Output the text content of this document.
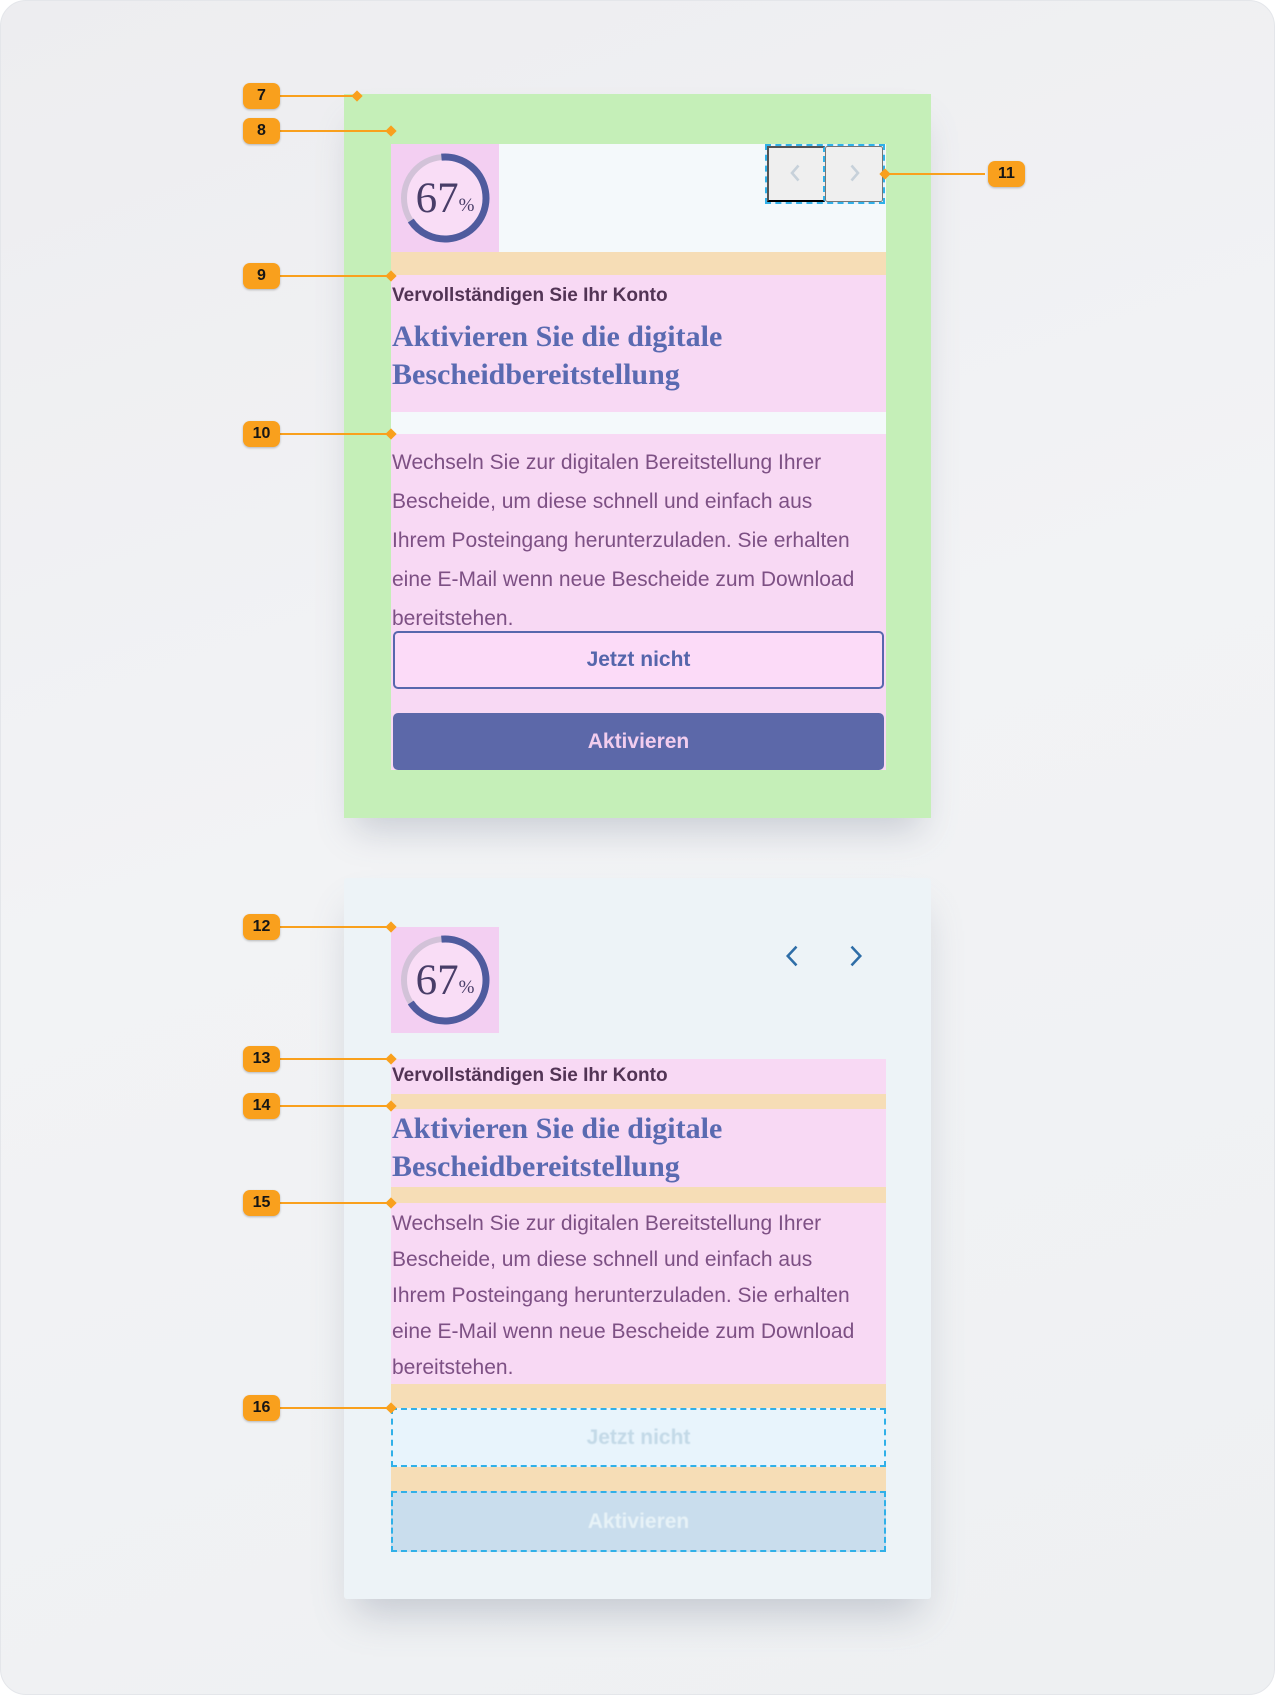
67 %
Vervollständigen Sie Ihr Konto
Aktivieren Sie die digitale
Bescheidbereitstellung
Wechseln Sie zur digitalen Bereitstellung Ihrer
Bescheide, um diese schnell und einfach aus
Ihrem Posteingang herunterzuladen. Sie erhalten
eine E-Mail wenn neue Bescheide zum Download
bereitstehen.
Jetzt nicht
Aktivieren
67 %
Vervollständigen Sie Ihr Konto
Aktivieren Sie die digitale
Bescheidbereitstellung
Wechseln Sie zur digitalen Bereitstellung Ihrer
Bescheide, um diese schnell und einfach aus
Ihrem Posteingang herunterzuladen. Sie erhalten
eine E-Mail wenn neue Bescheide zum Download
bereitstehen.
Jetzt nicht
Aktivieren
7
8
9
10
11
12
13
14
15
16
